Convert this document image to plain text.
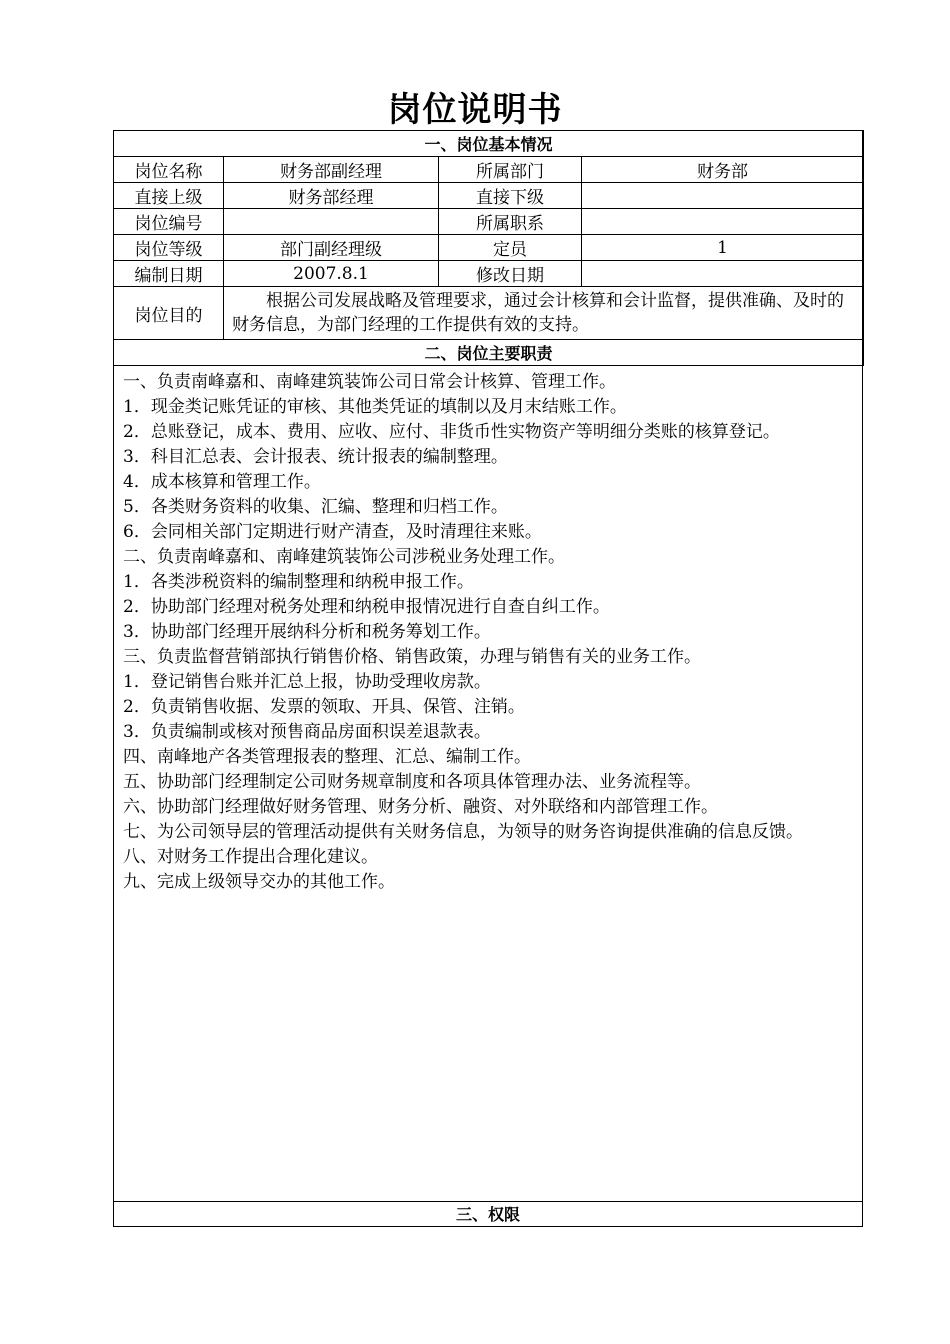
岗位说明书
一、岗位基本情况			
岗位名称	财务部副经理	所属部门	财务部
直接上级	财务部经理	直接下级	
岗位编号		所属职系	
岗位等级	部门副经理级	定员	1
编制日期	2007.8.1	修改日期	
岗位目的	根据公司发展战略及管理要求，通过会计核算和会计监督，提供准确、及时的财务信息，为部门经理的工作提供有效的支持。		
二、岗位主要职责			

一、负责南峰嘉和、南峰建筑装饰公司日常会计核算、管理工作。

1．现金类记账凭证的审核、其他类凭证的填制以及月末结账工作。

2．总账登记，成本、费用、应收、应付、非货币性实物资产等明细分类账的核算登记。

3．科目汇总表、会计报表、统计报表的编制整理。

4．成本核算和管理工作。

5．各类财务资料的收集、汇编、整理和归档工作。

6．会同相关部门定期进行财产清查，及时清理往来账。

二、负责南峰嘉和、南峰建筑装饰公司涉税业务处理工作。

1．各类涉税资料的编制整理和纳税申报工作。

2．协助部门经理对税务处理和纳税申报情况进行自查自纠工作。

3．协助部门经理开展纳科分析和税务筹划工作。

三、负责监督营销部执行销售价格、销售政策，办理与销售有关的业务工作。

1．登记销售台账并汇总上报，协助受理收房款。

2．负责销售收据、发票的领取、开具、保管、注销。

3．负责编制或核对预售商品房面积误差退款表。

四、南峰地产各类管理报表的整理、汇总、编制工作。

五、协助部门经理制定公司财务规章制度和各项具体管理办法、业务流程等。

六、协助部门经理做好财务管理、财务分析、融资、对外联络和内部管理工作。

七、为公司领导层的管理活动提供有关财务信息，为领导的财务咨询提供准确的信息反馈。

八、对财务工作提出合理化建议。

九、完成上级领导交办的其他工作。

三、权限
